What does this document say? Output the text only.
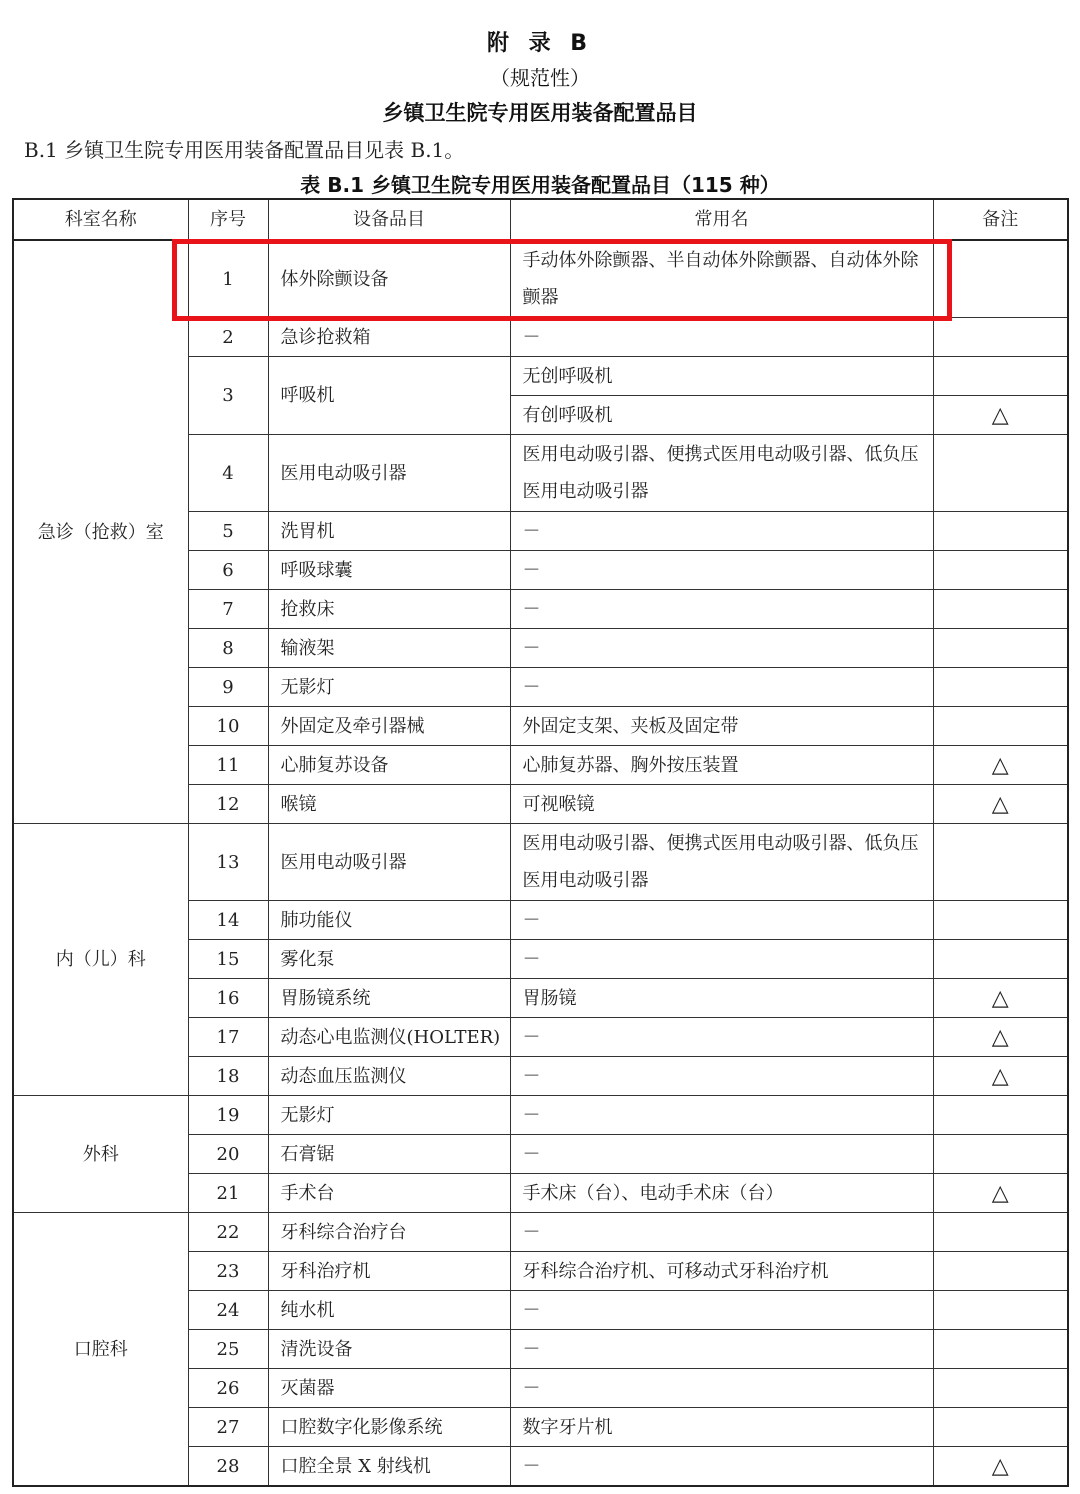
附 录 B
（规范性）
乡镇卫生院专用医用装备配置品目
B.1 乡镇卫生院专用医用装备配置品目见表 B.1。
表 B.1 乡镇卫生院专用医用装备配置品目（115 种）
科室名称	序号	设备品目	常用名	备注
急诊（抢救）室	1	体外除颤设备	手动体外除颤器、半自动体外除颤器、自动体外除颤器	
	2	急诊抢救箱	－	
	3	呼吸机	无创呼吸机	
			有创呼吸机	△
	4	医用电动吸引器	医用电动吸引器、便携式医用电动吸引器、低负压医用电动吸引器	
	5	洗胃机	－	
	6	呼吸球囊	－	
	7	抢救床	－	
	8	输液架	－	
	9	无影灯	－	
	10	外固定及牵引器械	外固定支架、夹板及固定带	
	11	心肺复苏设备	心肺复苏器、胸外按压装置	△
	12	喉镜	可视喉镜	△
内（儿）科	13	医用电动吸引器	医用电动吸引器、便携式医用电动吸引器、低负压医用电动吸引器	
	14	肺功能仪	－	
	15	雾化泵	－	
	16	胃肠镜系统	胃肠镜	△
	17	动态心电监测仪(HOLTER)	－	△
	18	动态血压监测仪	－	△
外科	19	无影灯	－	
	20	石膏锯	－	
	21	手术台	手术床（台）、电动手术床（台）	△
口腔科	22	牙科综合治疗台	－	
	23	牙科治疗机	牙科综合治疗机、可移动式牙科治疗机	
	24	纯水机	－	
	25	清洗设备	－	
	26	灭菌器	－	
	27	口腔数字化影像系统	数字牙片机	
	28	口腔全景 X 射线机	－	△
